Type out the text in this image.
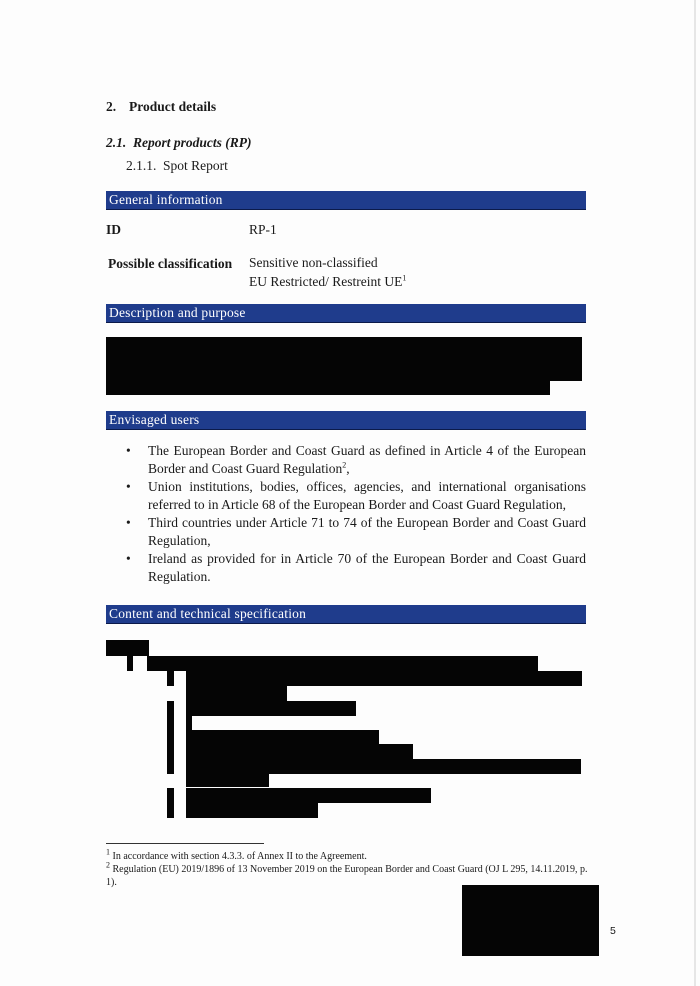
2. Product details
2.1. Report products (RP)
2.1.1. Spot Report
General information
ID	RP-1
Possible classification Sensitive non-classified
EU Restricted/ Restreint $UE^1$
Description and purpose
Envisaged users
• The European Border and Coast Guard as defined in Article 4 of the European Border and Coast Guard Regulation$^2$,
• Union institutions, bodies, offices, agencies, and international organisations referred to in Article 68 of the European Border and Coast Guard Regulation,
• Third countries under Article 71 to 74 of the European Border and Coast Guard Regulation,
• Ireland as provided for in Article 70 of the European Border and Coast Guard Regulation.
Content and technical specification
$^1$ In accordance with section 4.3.3. of Annex II to the Agreement.
$^2$ Regulation (EU) 2019/1896 of 13 November 2019 on the European Border and Coast Guard (OJ L 295, 14.11.2019, p. 1).
5
